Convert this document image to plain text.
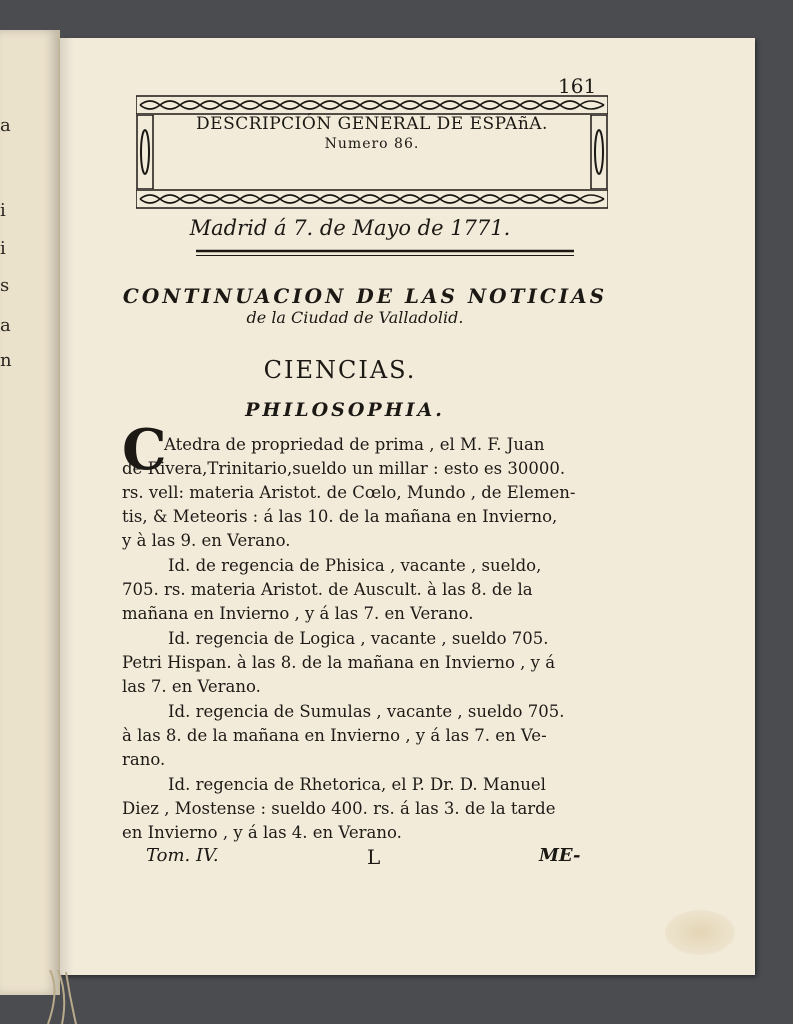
a
i
i
s
a
n
161
DESCRIPCIÓN GENERAL DE ESPAñA.
Numero 86.
Madrid á 7. de Mayo de 1771.
CONTINUACION DE LAS NOTICIAS
de la Ciudad de Valladolid.
CIENCIAS.
PHILOSOPHIA.
C
Atedra de propriedad de prima , el M. F. Juan
de Rivera,Trinitario,sueldo un millar : esto es 30000.
rs. vell: materia Aristot. de Cœlo, Mundo , de Elemen-
tis, & Meteoris : á las 10. de la mañana en Invierno,
y à las 9. en Verano.
Id. de regencia de Phisica , vacante , sueldo,
705. rs. materia Aristot. de Auscult. à las 8. de la
mañana en Invierno , y á las 7. en Verano.
Id. regencia de Logica , vacante , sueldo 705.
Petri Hispan. à las 8. de la mañana en Invierno , y á
las 7. en Verano.
Id. regencia de Sumulas , vacante , sueldo 705.
à las 8. de la mañana en Invierno , y á las 7. en Ve-
rano.
Id. regencia de Rhetorica, el P. Dr. D. Manuel
Diez , Mostense : sueldo 400. rs. á las 3. de la tarde
en Invierno , y á las 4. en Verano.
Tom. IV.	L	ME-
